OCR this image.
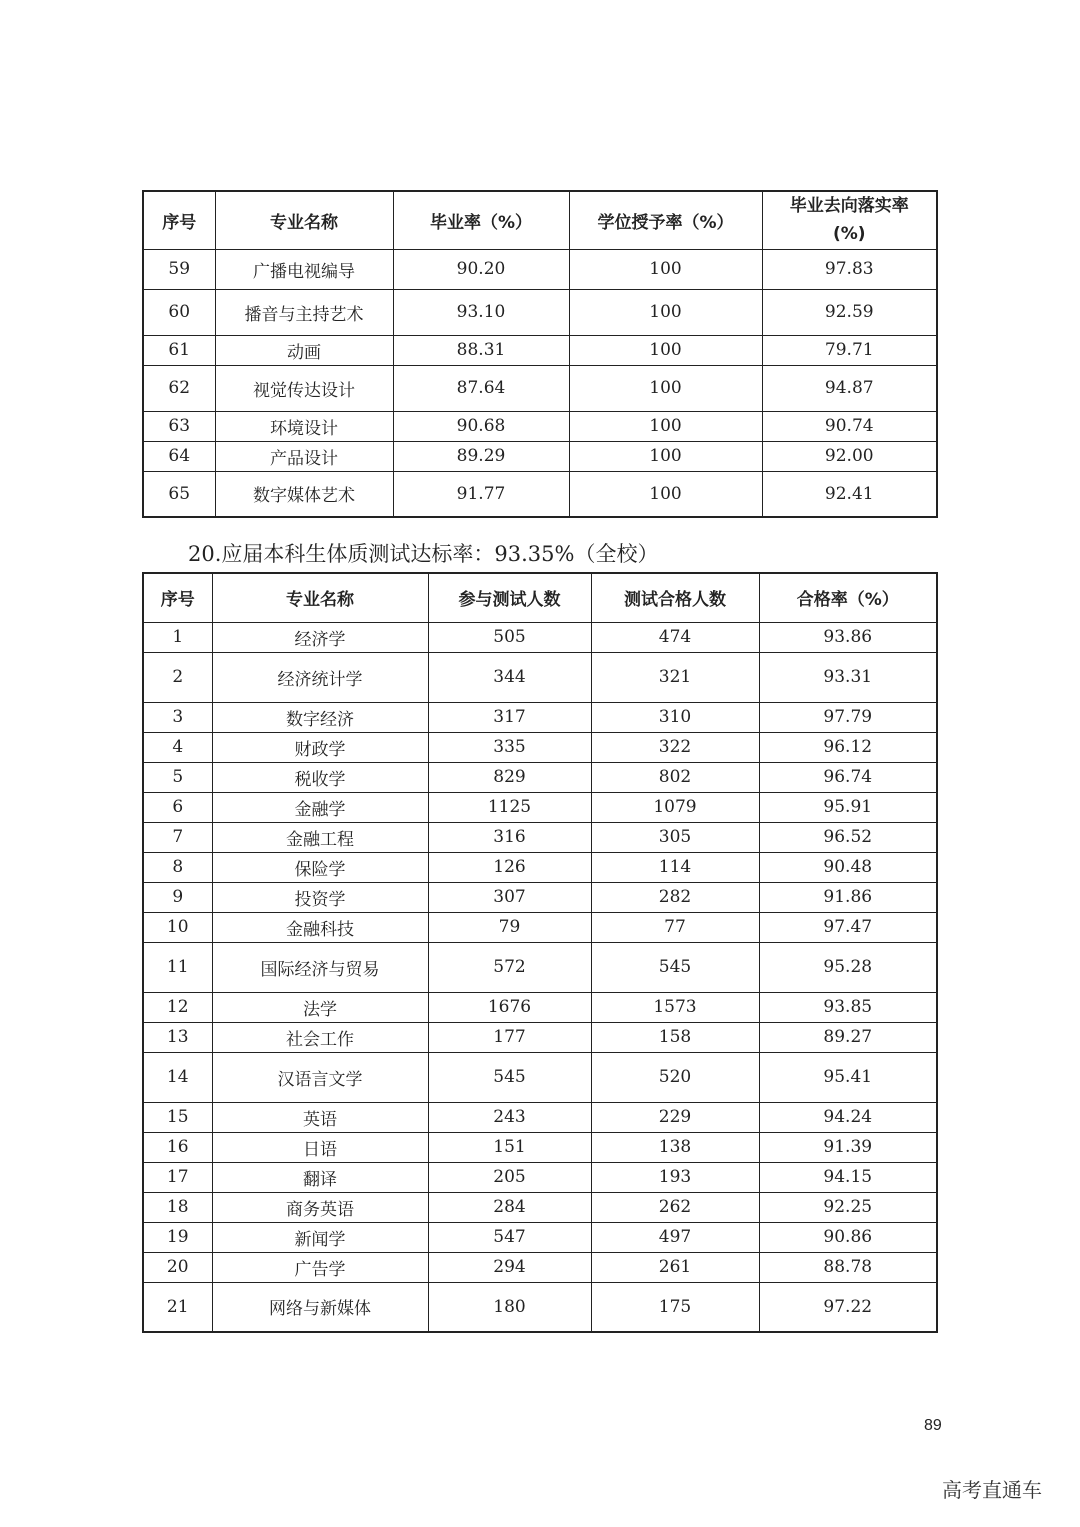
序号	专业名称	毕业率（%）	学位授予率（%）	毕业去向落实率
(%)
59	广播电视编导	90.20	100	97.83
60	播音与主持艺术	93.10	100	92.59
61	动画	88.31	100	79.71
62	视觉传达设计	87.64	100	94.87
63	环境设计	90.68	100	90.74
64	产品设计	89.29	100	92.00
65	数字媒体艺术	91.77	100	92.41
20.应届本科生体质测试达标率：93.35%（全校）
序号	专业名称	参与测试人数	测试合格人数	合格率（%）
1	经济学	505	474	93.86
2	经济统计学	344	321	93.31
3	数字经济	317	310	97.79
4	财政学	335	322	96.12
5	税收学	829	802	96.74
6	金融学	1125	1079	95.91
7	金融工程	316	305	96.52
8	保险学	126	114	90.48
9	投资学	307	282	91.86
10	金融科技	79	77	97.47
11	国际经济与贸易	572	545	95.28
12	法学	1676	1573	93.85
13	社会工作	177	158	89.27
14	汉语言文学	545	520	95.41
15	英语	243	229	94.24
16	日语	151	138	91.39
17	翻译	205	193	94.15
18	商务英语	284	262	92.25
19	新闻学	547	497	90.86
20	广告学	294	261	88.78
21	网络与新媒体	180	175	97.22
89
高考直通车
